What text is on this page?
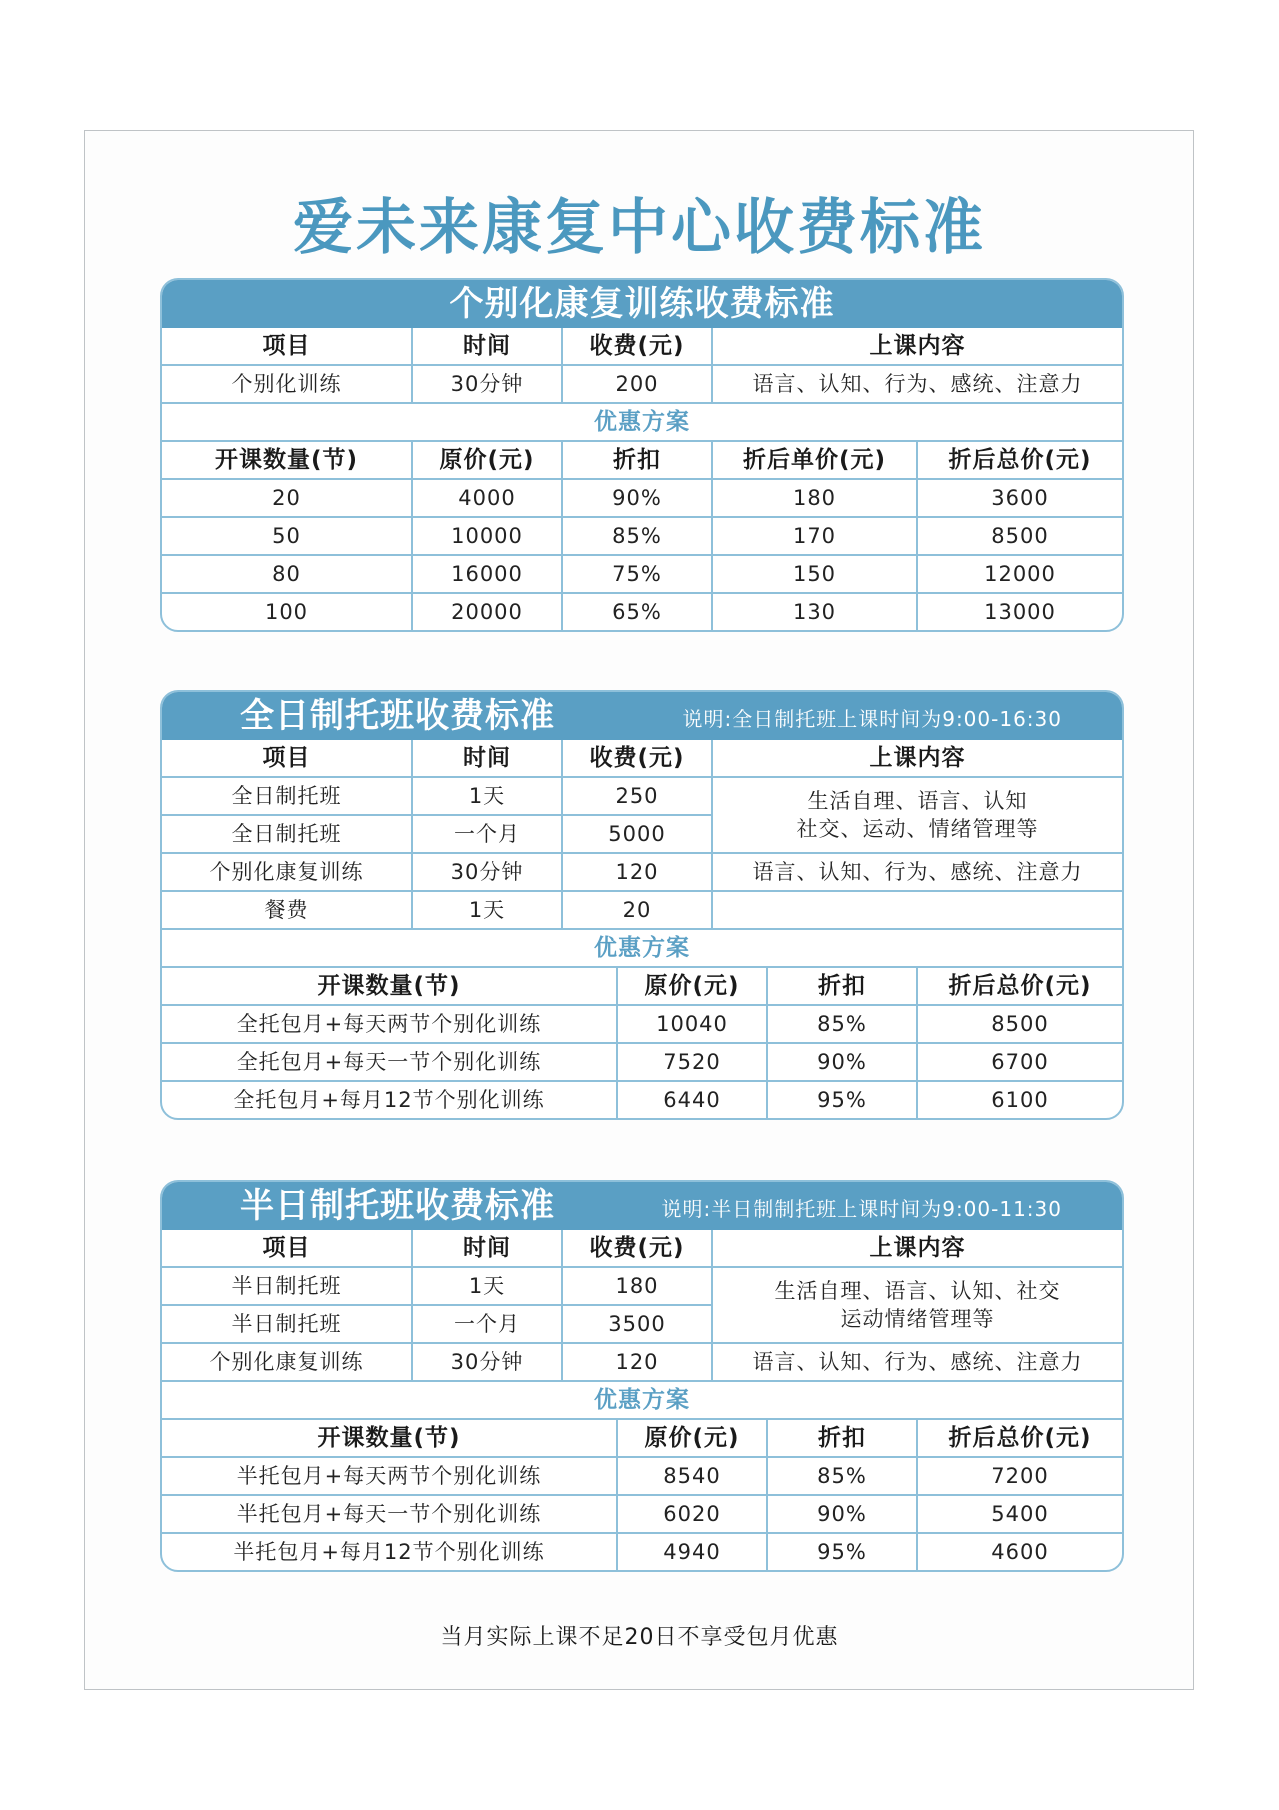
爱未来康复中心收费标准
个别化康复训练收费标准
项目	时间	收费(元)	上课内容	
个别化训练	30分钟	200	语言、认知、行为、感统、注意力	
优惠方案				
开课数量(节)	原价(元)	折扣	折后单价(元)	折后总价(元)
20	4000	90%	180	3600
50	10000	85%	170	8500
80	16000	75%	150	12000
100	20000	65%	130	13000
全日制托班收费标准	说明:全日制托班上课时间为9:00-16:30
项目	时间	收费(元)	上课内容
全日制托班	1天	250	生活自理、语言、认知
社交、运动、情绪管理等

全日制托班	一个月	5000	
个别化康复训练	30分钟	120	语言、认知、行为、感统、注意力
餐费	1天	20	
优惠方案			
开课数量(节)	原价(元)	折扣	折后总价(元)
全托包月+每天两节个别化训练	10040	85%	8500
全托包月+每天一节个别化训练	7520	90%	6700
全托包月+每月12节个别化训练	6440	95%	6100
半日制托班收费标准	说明:半日制制托班上课时间为9:00-11:30
项目	时间	收费(元)	上课内容
半日制托班	1天	180	生活自理、语言、认知、社交
运动情绪管理等

半日制托班	一个月	3500	
个别化康复训练	30分钟	120	语言、认知、行为、感统、注意力
优惠方案			
开课数量(节)	原价(元)	折扣	折后总价(元)
半托包月+每天两节个别化训练	8540	85%	7200
半托包月+每天一节个别化训练	6020	90%	5400
半托包月+每月12节个别化训练	4940	95%	4600
当月实际上课不足20日不享受包月优惠
